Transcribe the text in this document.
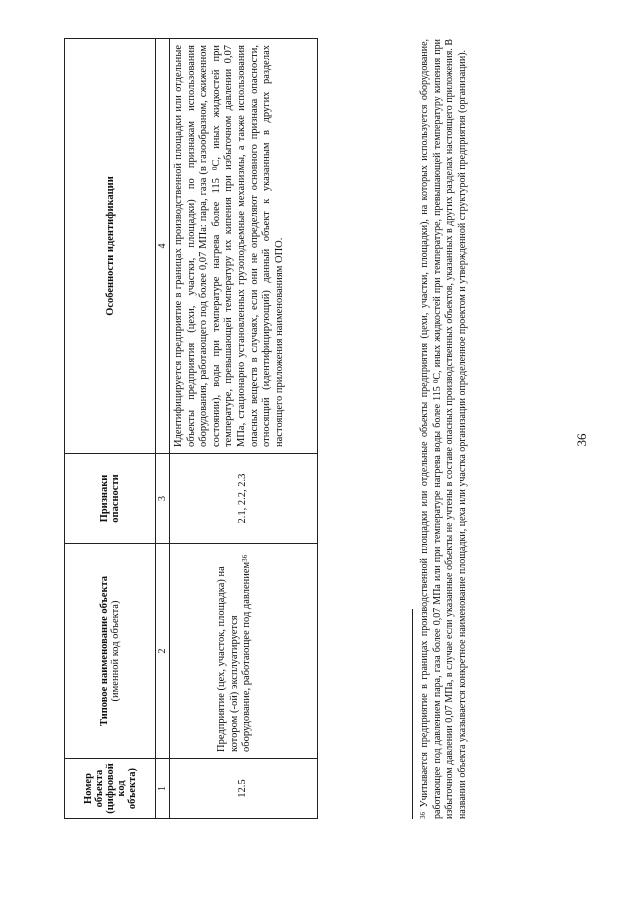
36
Номер объекта (цифровой код объекта)	Типовое наименование объекта (именной код объекта)	Признаки опасности	Особенности идентификации
1	2	3	4
12.5	Предприятие (цех, участок, площадка) на котором (-ой) эксплуатируется оборудование, работающее под давлением$^{36}$	2.1, 2.2, 2.3	Идентифицируется предприятие в границах производственной площадки или отдельные объекты предприятия (цехи, участки, площадки) по признакам использования оборудования, работающего под более 0,07 МПа: пара, газа (в газообразном, сжиженном состоянии), воды при температуре нагрева более 115 $^0$С, иных жидкостей при температуре, превышающей температуру их кипения при избыточном давлении 0,07 МПа, стационарно установленных грузоподъемные механизмы, а также использования опасных веществ в случаях, если они не определяют основного признака опасности, относящий (идентифицирующий) данный объект к указанным в других разделах настоящего приложения наименованиям ОПО.
$^{36}$ Учитывается предприятие в границах производственной площадки или отдельные объекты предприятия (цехи, участки, площадки), на которых используется оборудование, работающее под давлением пара, газа более 0,07 МПа или при температуре нагрева воды более 115 $^0$С, иных жидкостей при температуре, превышающей температуру кипения при избыточном давлении 0,07 МПа, в случае если указанные объекты не учтены в составе опасных производственных объектов, указанных в других разделах настоящего приложения. В названии объекта указывается конкретное наименование площадки, цеха или участка организации определенное проектом и утвержденной структурой предприятия (организации).
